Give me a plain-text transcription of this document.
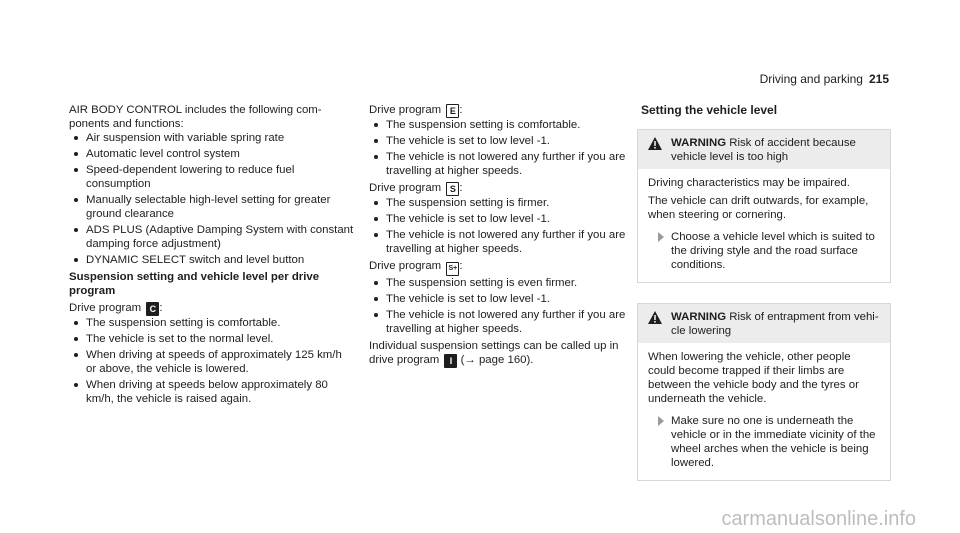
Driving and parking 215

AIR BODY CONTROL includes the following components and functions:

Air suspension with variable spring rate
Automatic level control system
Speed-dependent lowering to reduce fuel consumption
Manually selectable high-level setting for greater ground clearance
ADS PLUS (Adaptive Damping System with constant damping force adjustment)
DYNAMIC SELECT switch and level button

Suspension setting and vehicle level per drive program

Drive program C :

The suspension setting is comfortable.
The vehicle is set to the normal level.
When driving at speeds of approximately 125 km/h or above, the vehicle is lowered.
When driving at speeds below approximately 80 km/h, the vehicle is raised again.

Drive program E :

The suspension setting is comfortable.
The vehicle is set to low level -1.
The vehicle is not lowered any further if you are travelling at higher speeds.

Drive program S :

The suspension setting is firmer.
The vehicle is set to low level -1.
The vehicle is not lowered any further if you are travelling at higher speeds.

Drive program S+ :

The suspension setting is even firmer.
The vehicle is set to low level -1.
The vehicle is not lowered any further if you are travelling at higher speeds.

Individual suspension settings can be called up in drive program I (→ page 160).

Setting the vehicle level

WARNING Risk of accident because vehicle level is too high

Driving characteristics may be impaired.

The vehicle can drift outwards, for example, when steering or cornering.

Choose a vehicle level which is suited to the driving style and the road surface conditions.
WARNING Risk of entrapment from vehicle lowering

When lowering the vehicle, other people could become trapped if their limbs are between the vehicle body and the tyres or underneath the vehicle.

Make sure no one is underneath the vehicle or in the immediate vicinity of the wheel arches when the vehicle is being lowered.
carmanualsonline.info
